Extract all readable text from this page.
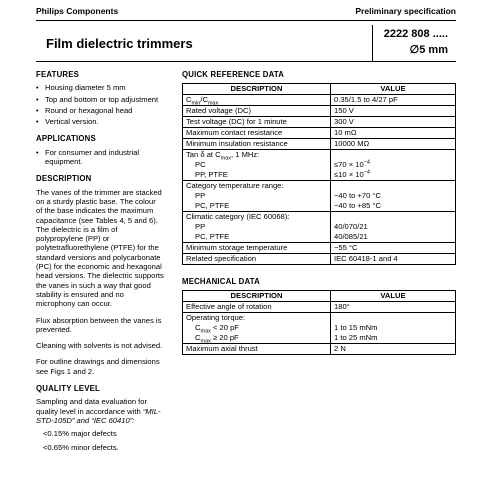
Philips Components	Preliminary specification
Film dielectric trimmers
2222 808 .....
∅5 mm
FEATURES
• Housing diameter 5 mm
• Top and bottom or top adjustment
• Round or hexagonal head
• Vertical version.
APPLICATIONS
• For consumer and industrial equipment.
DESCRIPTION

The vanes of the trimmer are stacked on a sturdy plastic base. The colour of the base indicates the maximum capacitance (see Tables 4, 5 and 6). The dielectric is a film of polypropylene (PP) or polytetrafluorethylene (PTFE) for the standard versions and polycarbonate (PC) for the economic and hexagonal head versions. The dielectric supports the vanes in such a way that good stability is ensured and no microphony can occur.

Flux absorption between the vanes is prevented.

Cleaning with solvents is not advised.

For outline drawings and dimensions see Figs 1 and 2.

QUALITY LEVEL

Sampling and data evaluation for quality level in accordance with “MIL-STD-105D” and “IEC 60410”:

<0.15% major defects

<0.65% minor defects.

QUICK REFERENCE DATA
DESCRIPTION	VALUE
$C_{min}/C_{max}$	0.35/1.5 to 4/27 pF
Rated voltage (DC)	150 V
Test voltage (DC) for 1 minute	300 V
Maximum contact resistance	10 mΩ
Minimum insulation resistance	10000 MΩ
Tan δ at $C_{max}$, 1 MHz:	
PC	$\le 70 \times 10^{-4}$
PP, PTFE	$\le 10 \times 10^{-4}$
Category temperature range:	
PP	−40 to +70 °C
PC, PTFE	−40 to +85 °C
Climatic category (IEC 60068):	
PP	40/070/21
PC, PTFE	40/085/21
Minimum storage temperature	−55 °C
Related specification	IEC 60418-1 and 4
MECHANICAL DATA
DESCRIPTION	VALUE
Effective angle of rotation	180°
Operating torque:	
$C_{max} < 20$ pF	1 to 15 mNm
$C_{max} \ge 20$ pF	1 to 25 mNm
Maximum axial thrust	2 N
